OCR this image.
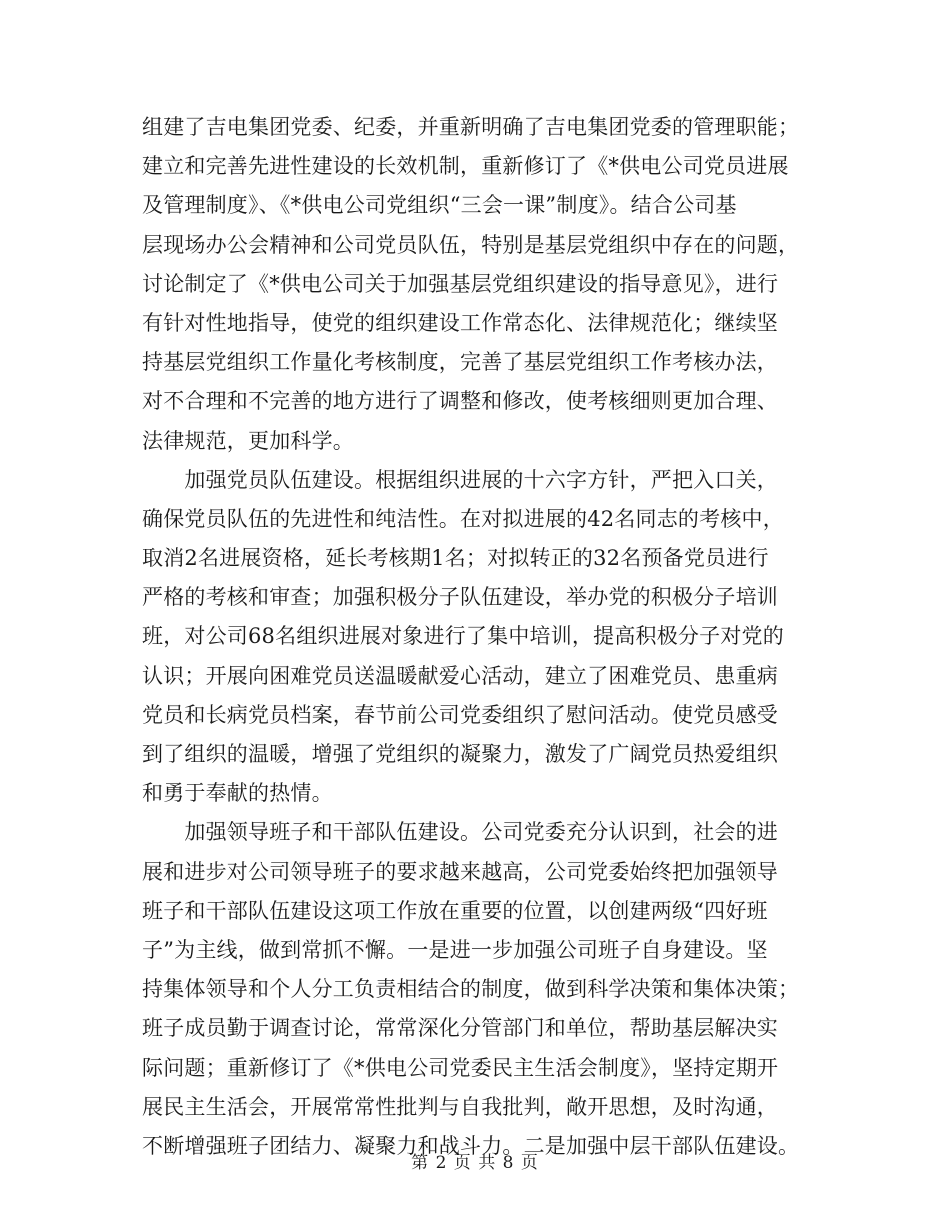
组建了吉电集团党委、纪委，并重新明确了吉电集团党委的管理职能；
建立和完善先进性建设的长效机制，重新修订了《*供电公司党员进展
及管理制度》、《*供电公司党组织“三会一课”制度》。结合公司基
层现场办公会精神和公司党员队伍，特别是基层党组织中存在的问题，
讨论制定了《*供电公司关于加强基层党组织建设的指导意见》，进行
有针对性地指导，使党的组织建设工作常态化、法律规范化；继续坚
持基层党组织工作量化考核制度，完善了基层党组织工作考核办法，
对不合理和不完善的地方进行了调整和修改，使考核细则更加合理、
法律规范，更加科学。
　　加强党员队伍建设。根据组织进展的十六字方针，严把入口关，
确保党员队伍的先进性和纯洁性。在对拟进展的42名同志的考核中，
取消2名进展资格，延长考核期1名；对拟转正的32名预备党员进行
严格的考核和审查；加强积极分子队伍建设，举办党的积极分子培训
班，对公司68名组织进展对象进行了集中培训，提高积极分子对党的
认识；开展向困难党员送温暖献爱心活动，建立了困难党员、患重病
党员和长病党员档案，春节前公司党委组织了慰问活动。使党员感受
到了组织的温暖，增强了党组织的凝聚力，激发了广阔党员热爱组织
和勇于奉献的热情。
　　加强领导班子和干部队伍建设。公司党委充分认识到，社会的进
展和进步对公司领导班子的要求越来越高，公司党委始终把加强领导
班子和干部队伍建设这项工作放在重要的位置，以创建两级“四好班
子”为主线，做到常抓不懈。一是进一步加强公司班子自身建设。坚
持集体领导和个人分工负责相结合的制度，做到科学决策和集体决策；
班子成员勤于调查讨论，常常深化分管部门和单位，帮助基层解决实
际问题；重新修订了《*供电公司党委民主生活会制度》，坚持定期开
展民主生活会，开展常常性批判与自我批判，敞开思想，及时沟通，
不断增强班子团结力、凝聚力和战斗力。二是加强中层干部队伍建设。
第 2 页 共 8 页
